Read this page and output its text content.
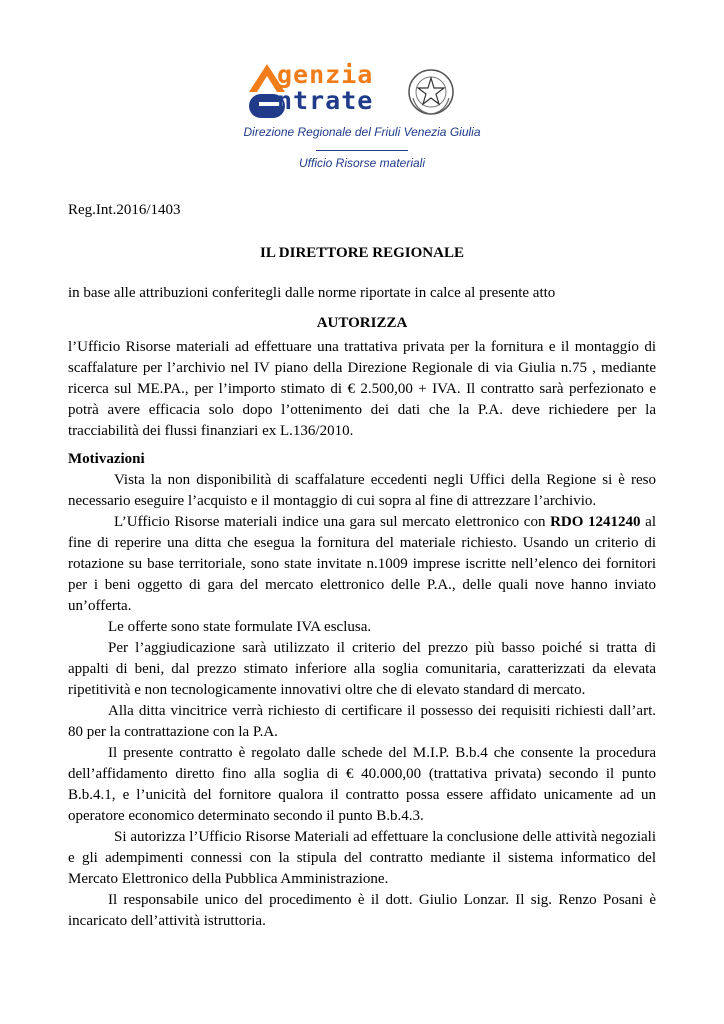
genzia
ntrate
Direzione Regionale del Friuli Venezia Giulia
Ufficio Risorse materiali

Reg.Int.2016/1403

IL DIRETTORE REGIONALE

in base alle attribuzioni conferitegli dalle norme riportate in calce al presente atto

AUTORIZZA

l’Ufficio Risorse materiali ad effettuare una trattativa privata per la fornitura e il montaggio di scaffalature per l’archivio nel IV piano della Direzione Regionale di via Giulia n.75 , mediante ricerca sul ME.PA., per l’importo stimato di € 2.500,00 + IVA. Il contratto sarà perfezionato e potrà avere efficacia solo dopo l’ottenimento dei dati che la P.A. deve richiedere per la tracciabilità dei flussi finanziari ex L.136/2010.

Motivazioni

Vista la non disponibilità di scaffalature eccedenti negli Uffici della Regione si è reso necessario eseguire l’acquisto e il montaggio di cui sopra al fine di attrezzare l’archivio.

L’Ufficio Risorse materiali indice una gara sul mercato elettronico con RDO 1241240 al fine di reperire una ditta che esegua la fornitura del materiale richiesto. Usando un criterio di rotazione su base territoriale, sono state invitate n.1009 imprese iscritte nell’elenco dei fornitori per i beni oggetto di gara del mercato elettronico delle P.A., delle quali nove hanno inviato un’offerta.

Le offerte sono state formulate IVA esclusa.

Per l’aggiudicazione sarà utilizzato il criterio del prezzo più basso poiché si tratta di appalti di beni, dal prezzo stimato inferiore alla soglia comunitaria, caratterizzati da elevata ripetitività e non tecnologicamente innovativi oltre che di elevato standard di mercato.

Alla ditta vincitrice verrà richiesto di certificare il possesso dei requisiti richiesti dall’art. 80 per la contrattazione con la P.A.

Il presente contratto è regolato dalle schede del M.I.P. B.b.4 che consente la procedura dell’affidamento diretto fino alla soglia di € 40.000,00 (trattativa privata) secondo il punto B.b.4.1, e l’unicità del fornitore qualora il contratto possa essere affidato unicamente ad un operatore economico determinato secondo il punto B.b.4.3.

Si autorizza l’Ufficio Risorse Materiali ad effettuare la conclusione delle attività negoziali e gli adempimenti connessi con la stipula del contratto mediante il sistema informatico del Mercato Elettronico della Pubblica Amministrazione.

Il responsabile unico del procedimento è il dott. Giulio Lonzar. Il sig. Renzo Posani è incaricato dell’attività istruttoria.
